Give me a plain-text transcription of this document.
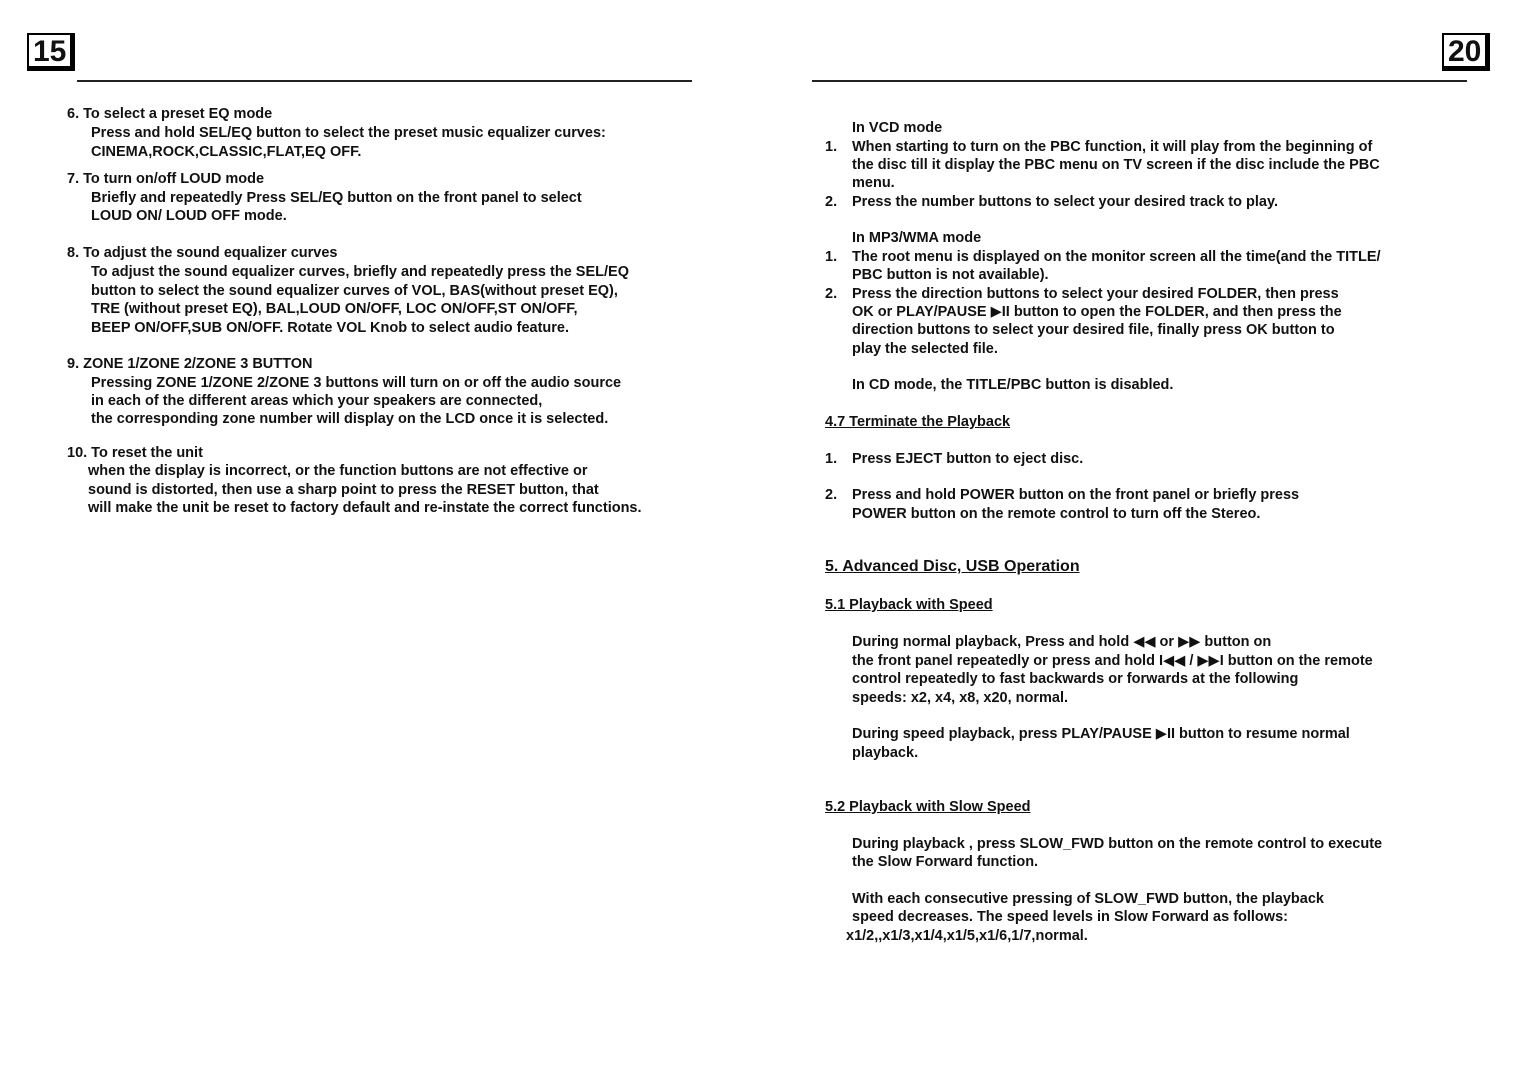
15	20
6. To select a preset EQ mode
Press and hold SEL/EQ button to select the preset music equalizer curves:
CINEMA,ROCK,CLASSIC,FLAT,EQ OFF.
7. To turn on/off LOUD mode
Briefly and repeatedly Press SEL/EQ button on the front panel to select
LOUD ON/ LOUD OFF mode.
8. To adjust the sound equalizer curves
To adjust the sound equalizer curves, briefly and repeatedly press the SEL/EQ
button to select the sound equalizer curves of VOL, BAS(without preset EQ),
TRE (without preset EQ), BAL,LOUD ON/OFF, LOC ON/OFF,ST ON/OFF,
BEEP ON/OFF,SUB ON/OFF. Rotate VOL Knob to select audio feature.
9. ZONE 1/ZONE 2/ZONE 3 BUTTON
Pressing ZONE 1/ZONE 2/ZONE 3 buttons will turn on or off the audio source
in each of the different areas which your speakers are connected,
the corresponding zone number will display on the LCD once it is selected.
10. To reset the unit
when the display is incorrect, or the function buttons are not effective or
sound is distorted, then use a sharp point to press the RESET button, that
will make the unit be reset to factory default and re-instate the correct functions.
In VCD mode
1. When starting to turn on the PBC function, it will play from the beginning of
the disc till it display the PBC menu on TV screen if the disc include the PBC
menu.
2. Press the number buttons to select your desired track to play.
In MP3/WMA mode
1. The root menu is displayed on the monitor screen all the time(and the TITLE/
PBC button is not available).
2. Press the direction buttons to select your desired FOLDER, then press
OK or PLAY/PAUSE ▶II button to open the FOLDER, and then press the
direction buttons to select your desired file, finally press OK button to
play the selected file.
In CD mode, the TITLE/PBC button is disabled.
4.7 Terminate the Playback
1. Press EJECT button to eject disc.
2. Press and hold POWER button on the front panel or briefly press
POWER button on the remote control to turn off the Stereo.
5. Advanced Disc, USB Operation
5.1 Playback with Speed
During normal playback, Press and hold ◀◀ or ▶▶ button on
the front panel repeatedly or press and hold I◀◀ / ▶▶I button on the remote
control repeatedly to fast backwards or forwards at the following
speeds: x2, x4, x8, x20, normal.
During speed playback, press PLAY/PAUSE ▶II button to resume normal
playback.
5.2 Playback with Slow Speed
During playback , press SLOW_FWD button on the remote control to execute
the Slow Forward function.
With each consecutive pressing of SLOW_FWD button, the playback
speed decreases. The speed levels in Slow Forward as follows:
x1/2,,x1/3,x1/4,x1/5,x1/6,1/7,normal.
